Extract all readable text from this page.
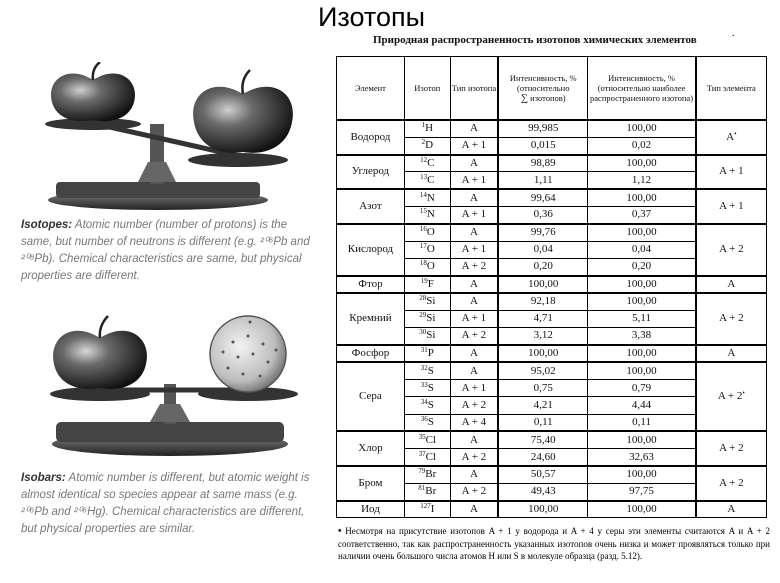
Изотопы
Природная распространенность изотопов химических элементов
.
Isotopes: Atomic number (number of protons) is the same, but number of neutrons is different (e.g. ²⁰⁶Pb and ²⁰⁸Pb). Chemical characteristics are same, but physical properties are different.
Isobars: Atomic number is different, but atomic weight is almost identical so species appear at same mass (e.g. ²⁰⁶Pb and ²⁰⁶Hg). Chemical characteristics are different, but physical properties are similar.
Элемент	Изотоп	Тип изотопа	Интенсивность, % (относительно
∑ изотопов)	Интенсивность, % (относительно наиболее распространенного изотопа)	Тип элемента
Водород	$^1$H	A	99,985	100,00	A•
	$^2$D	A + 1	0,015	0,02	
Углерод	$^{12}$C	A	98,89	100,00	A + 1
	$^{13}$C	A + 1	1,11	1,12	
Азот	$^{14}$N	A	99,64	100,00	A + 1
	$^{15}$N	A + 1	0,36	0,37	
Кислород	$^{16}$O	A	99,76	100,00	A + 2
	$^{17}$O	A + 1	0,04	0,04	
	$^{18}$O	A + 2	0,20	0,20	
Фтор	$^{19}$F	A	100,00	100,00	A
Кремний	$^{28}$Si	A	92,18	100,00	A + 2
	$^{29}$Si	A + 1	4,71	5,11	
	$^{30}$Si	A + 2	3,12	3,38	
Фосфор	$^{31}$P	A	100,00	100,00	A
Сера	$^{32}$S	A	95,02	100,00	A + 2•
	$^{33}$S	A + 1	0,75	0,79	
	$^{34}$S	A + 2	4,21	4,44	
	$^{36}$S	A + 4	0,11	0,11	
Хлор	$^{35}$Cl	A	75,40	100,00	A + 2
	$^{37}$Cl	A + 2	24,60	32,63	
Бром	$^{79}$Br	A	50,57	100,00	A + 2
	$^{81}$Br	A + 2	49,43	97,75	
Иод	$^{127}$I	A	100,00	100,00	A
• Несмотря на присутствие изотопов A + 1 у водорода и A + 4 у серы эти элементы считаются A и A + 2 соответственно, так как распространенность указанных изотопов очень низка и может проявляться только при наличии очень большого числа атомов H или S в молекуле образца (разд. 5.12).
